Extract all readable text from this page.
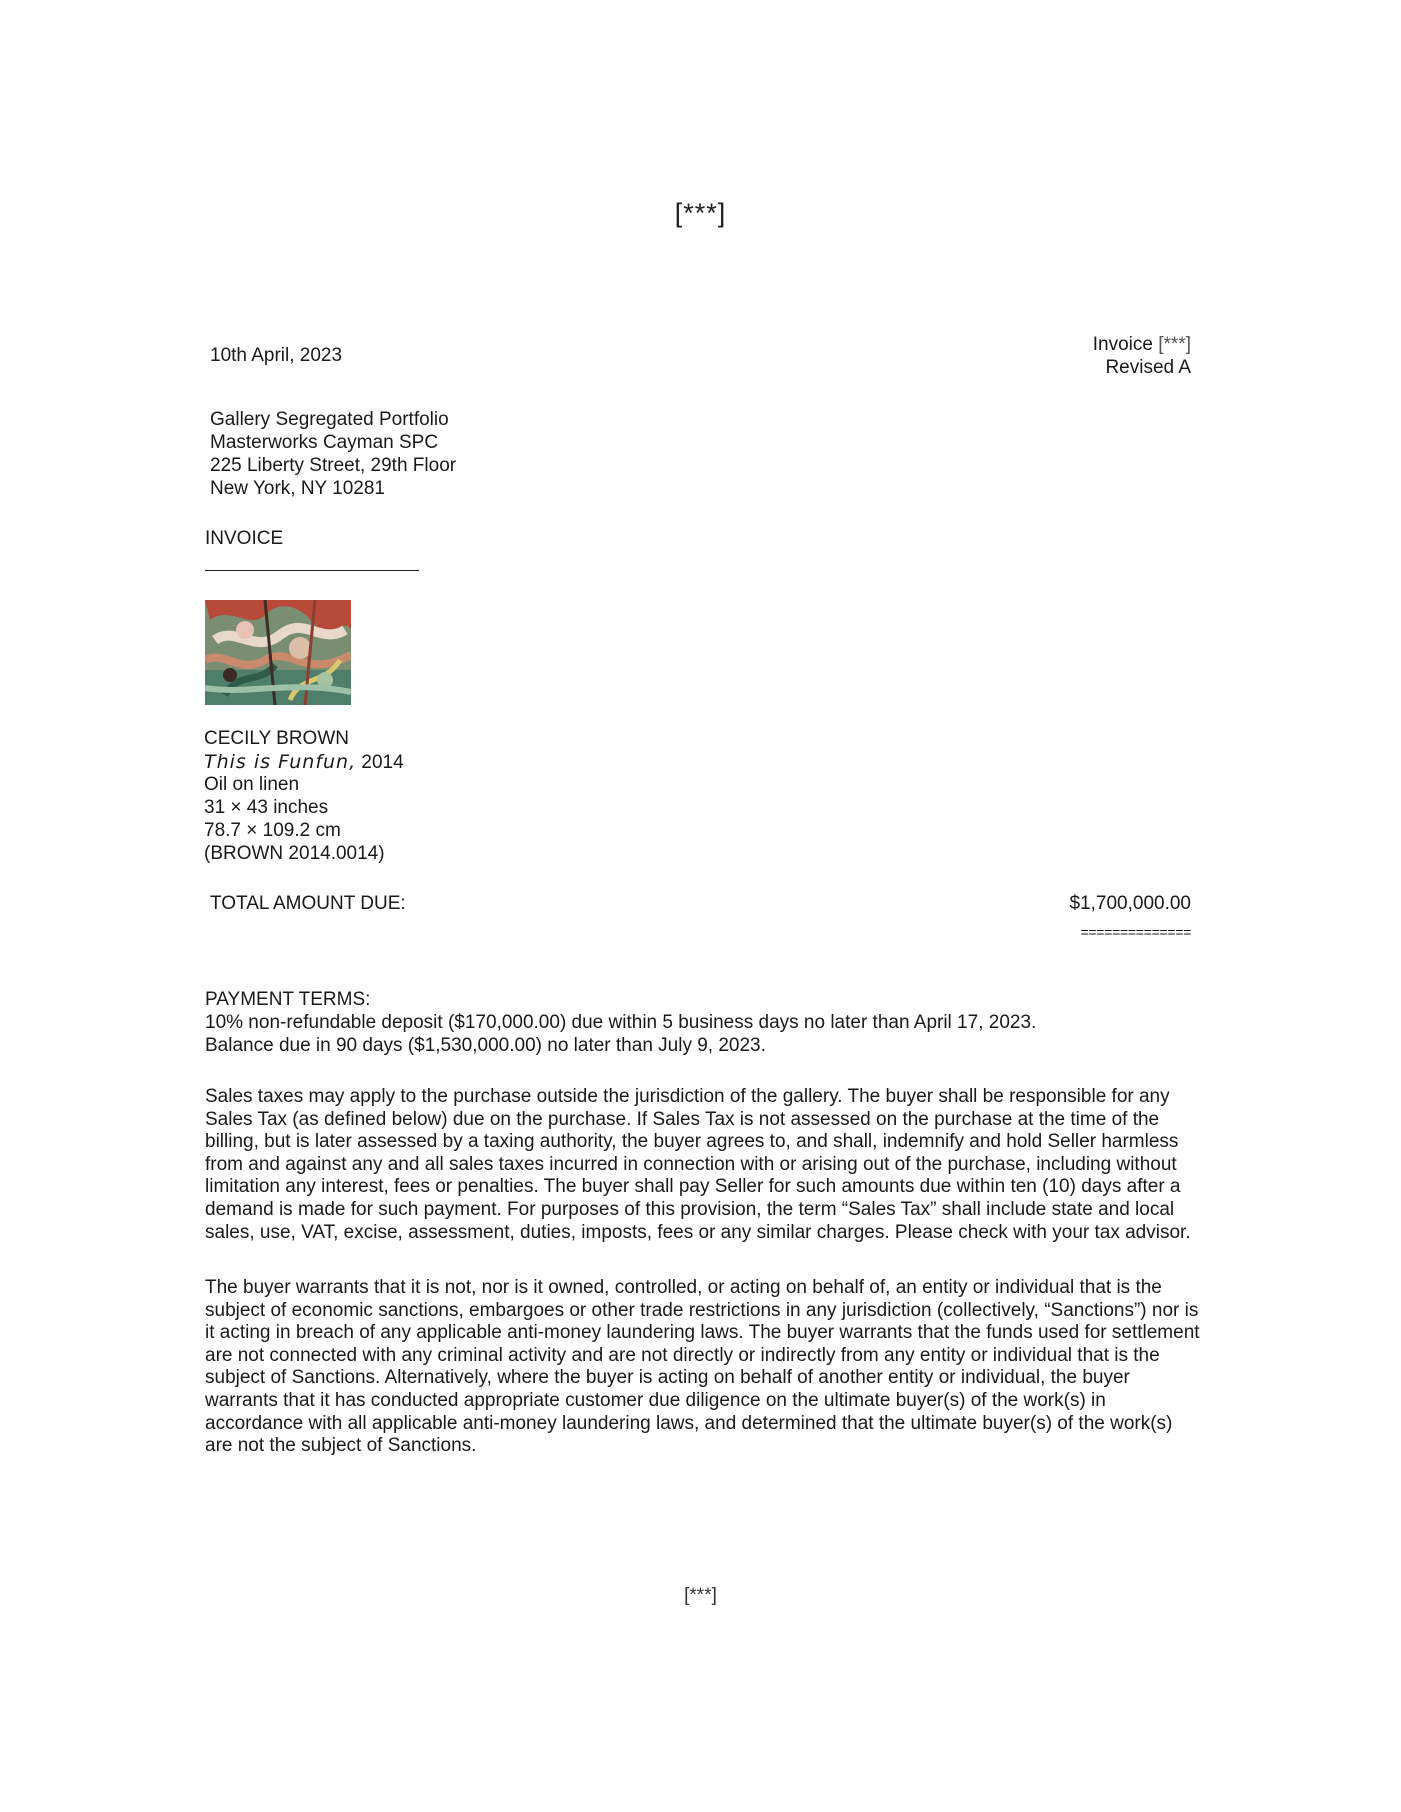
[***]
10th April, 2023
Invoice [***]
Revised A
Gallery Segregated Portfolio
Masterworks Cayman SPC
225 Liberty Street, 29th Floor
New York, NY 10281
INVOICE
CECILY BROWN
This is Funfun, 2014
Oil on linen
31 × 43 inches
78.7 × 109.2 cm
(BROWN 2014.0014)
TOTAL AMOUNT DUE:	$1,700,000.00
==============
PAYMENT TERMS:
10% non-refundable deposit ($170,000.00) due within 5 business days no later than April 17, 2023.
Balance due in 90 days ($1,530,000.00) no later than July 9, 2023.
Sales taxes may apply to the purchase outside the jurisdiction of the gallery. The buyer shall be responsible for any Sales Tax (as defined below) due on the purchase. If Sales Tax is not assessed on the purchase at the time of the billing, but is later assessed by a taxing authority, the buyer agrees to, and shall, indemnify and hold Seller harmless from and against any and all sales taxes incurred in connection with or arising out of the purchase, including without limitation any interest, fees or penalties. The buyer shall pay Seller for such amounts due within ten (10) days after a demand is made for such payment. For purposes of this provision, the term “Sales Tax” shall include state and local sales, use, VAT, excise, assessment, duties, imposts, fees or any similar charges. Please check with your tax advisor.
The buyer warrants that it is not, nor is it owned, controlled, or acting on behalf of, an entity or individual that is the subject of economic sanctions, embargoes or other trade restrictions in any jurisdiction (collectively, “Sanctions”) nor is it acting in breach of any applicable anti-money laundering laws. The buyer warrants that the funds used for settlement are not connected with any criminal activity and are not directly or indirectly from any entity or individual that is the subject of Sanctions. Alternatively, where the buyer is acting on behalf of another entity or individual, the buyer warrants that it has conducted appropriate customer due diligence on the ultimate buyer(s) of the work(s) in accordance with all applicable anti-money laundering laws, and determined that the ultimate buyer(s) of the work(s) are not the subject of Sanctions.
[***]
